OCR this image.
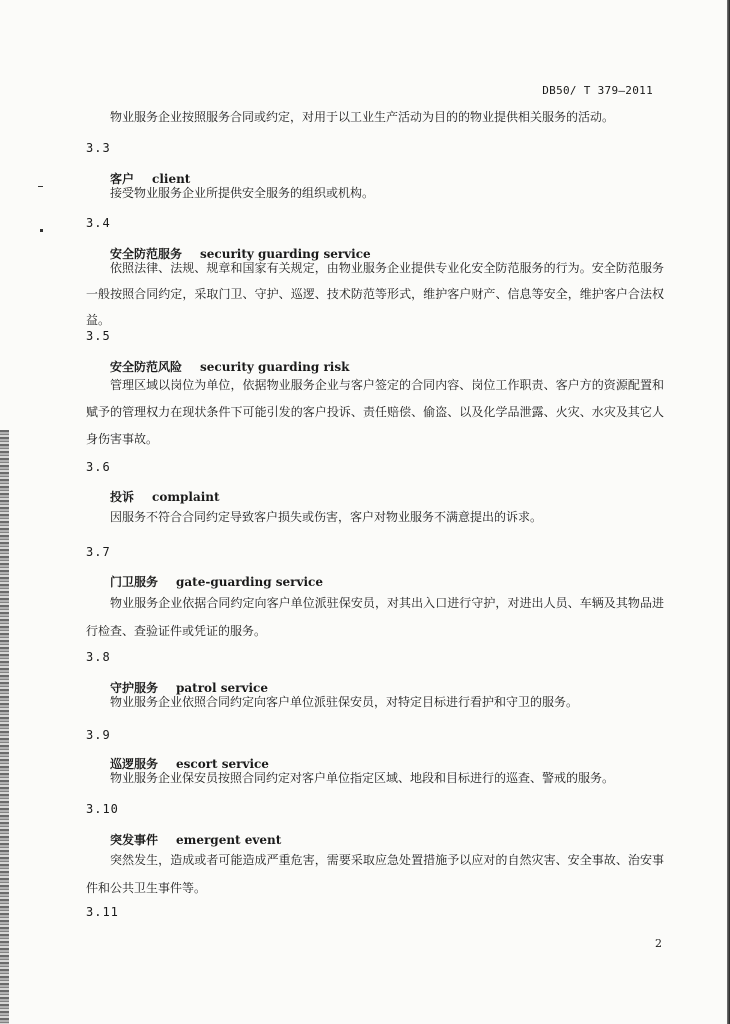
DB50/ T 379—2011

物业服务企业按照服务合同或约定，对用于以工业生产活动为目的的物业提供相关服务的活动。

3.3
客户 client

接受物业服务企业所提供安全服务的组织或机构。

3.4
安全防范服务 security guarding service

依照法律、法规、规章和国家有关规定，由物业服务企业提供专业化安全防范服务的行为。安全防范服务一般按照合同约定，采取门卫、守护、巡逻、技术防范等形式，维护客户财产、信息等安全，维护客户合法权益。

3.5
安全防范风险 security guarding risk

管理区域以岗位为单位，依据物业服务企业与客户签定的合同内容、岗位工作职责、客户方的资源配置和赋予的管理权力在现状条件下可能引发的客户投诉、责任赔偿、偷盗、以及化学品泄露、火灾、水灾及其它人身伤害事故。

3.6
投诉 complaint

因服务不符合合同约定导致客户损失或伤害，客户对物业服务不满意提出的诉求。

3.7
门卫服务 gate-guarding service

物业服务企业依据合同约定向客户单位派驻保安员，对其出入口进行守护，对进出人员、车辆及其物品进行检查、查验证件或凭证的服务。

3.8
守护服务 patrol service

物业服务企业依照合同约定向客户单位派驻保安员，对特定目标进行看护和守卫的服务。

3.9
巡逻服务 escort service

物业服务企业保安员按照合同约定对客户单位指定区域、地段和目标进行的巡查、警戒的服务。

3.10
突发事件 emergent event

突然发生，造成或者可能造成严重危害，需要采取应急处置措施予以应对的自然灾害、安全事故、治安事件和公共卫生事件等。

3.11
2
